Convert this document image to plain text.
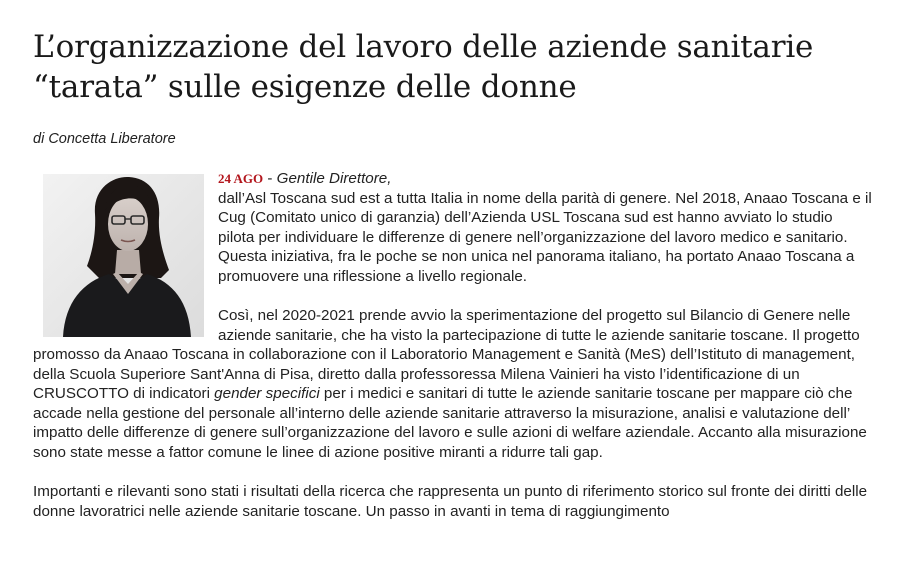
L’organizzazione del lavoro delle aziende sanitarie
“tarata” sulle esigenze delle donne

di Concetta Liberatore

24 AGO - Gentile Direttore,
dall’Asl Toscana sud est a tutta Italia in nome della parità di genere. Nel 2018, Anaao Toscana e il Cug (Comitato unico di garanzia) dell’Azienda USL Toscana sud est hanno avviato lo studio pilota per individuare le differenze di genere nell’organizzazione del lavoro medico e sanitario. Questa iniziativa, fra le poche se non unica nel panorama italiano, ha portato Anaao Toscana a promuovere una riflessione a livello regionale.

Così, nel 2020-2021 prende avvio la sperimentazione del progetto sul Bilancio di Genere nelle aziende sanitarie, che ha visto la partecipazione di tutte le aziende sanitarie toscane. Il progetto promosso da Anaao Toscana in collaborazione con il Laboratorio Management e Sanità (MeS) dell’Istituto di management, della Scuola Superiore Sant'Anna di Pisa, diretto dalla professoressa Milena Vainieri ha visto l’identificazione di un CRUSCOTTO di indicatori gender specifici per i medici e sanitari di tutte le aziende sanitarie toscane per mappare ciò che accade nella gestione del personale all’interno delle aziende sanitarie attraverso la misurazione, analisi e valutazione dell’ impatto delle differenze di genere sull’organizzazione del lavoro e sulle azioni di welfare aziendale. Accanto alla misurazione sono state messe a fattor comune le linee di azione positive miranti a ridurre tali gap.

Importanti e rilevanti sono stati i risultati della ricerca che rappresenta un punto di riferimento storico sul fronte dei diritti delle donne lavoratrici nelle aziende sanitarie toscane. Un passo in avanti in tema di raggiungimento
